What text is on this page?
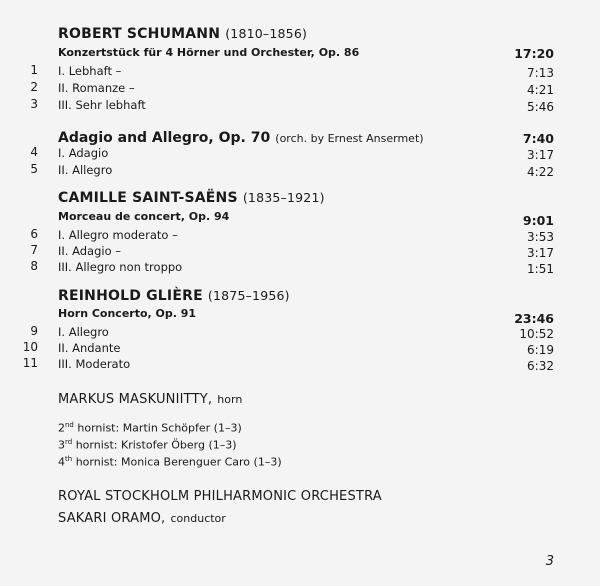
ROBERT SCHUMANN (1810–1856)
Konzertstück für 4 Hörner und Orchester, Op. 86	17:20
1 I. Lebhaft –	7:13
2 II. Romanze –	4:21
3 III. Sehr lebhaft	5:46
Adagio and Allegro, Op. 70 (orch. by Ernest Ansermet)	7:40
4 I. Adagio	3:17
5 II. Allegro	4:22
CAMILLE SAINT-SAËNS (1835–1921)
Morceau de concert, Op. 94	9:01
6 I. Allegro moderato –	3:53
7 II. Adagio –	3:17
8 III. Allegro non troppo	1:51
REINHOLD GLIÈRE (1875–1956)
Horn Concerto, Op. 91	23:46
9 I. Allegro	10:52
10 II. Andante	6:19
11 III. Moderato	6:32
MARKUS MASKUNIITTY, horn
2nd hornist: Martin Schöpfer (1–3)
3rd hornist: Kristofer Öberg (1–3)
4th hornist: Monica Berenguer Caro (1–3)
ROYAL STOCKHOLM PHILHARMONIC ORCHESTRA
SAKARI ORAMO, conductor
3
